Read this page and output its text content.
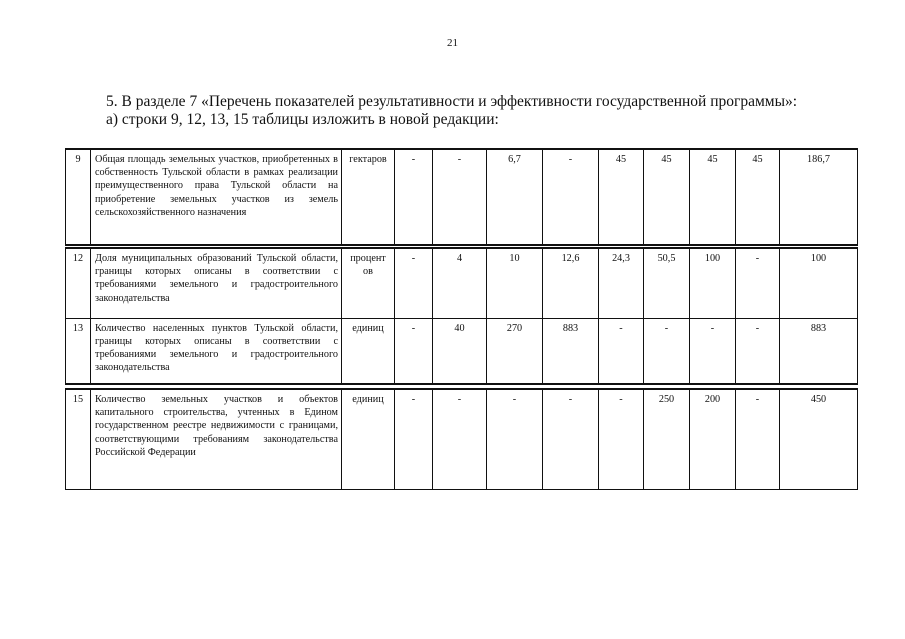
21
5. В разделе 7 «Перечень показателей результативности и эффективности государственной программы»:
а) строки 9, 12, 13, 15 таблицы изложить в новой редакции:
9	Общая площадь земельных участков, приобретенных в собственность Тульской области в рамках реализации преимущественного права Тульской области на приобретение земельных участков из земель сельскохозяйственного назначения	гектаров	-	-	6,7	-	45	45	45	45	186,7
12	Доля муниципальных образований Тульской области, границы которых описаны в соответствии с требованиями земельного и градостроительного законодательства	процент ов	-	4	10	12,6	24,3	50,5	100	-	100
13	Количество населенных пунктов Тульской области, границы которых описаны в соответствии с требованиями земельного и градостроительного законодательства	единиц	-	40	270	883	-	-	-	-	883
15	Количество земельных участков и объектов капитального строительства, учтенных в Едином государственном реестре недвижимости с границами, соответствующими требованиям законодательства Российской Федерации	единиц	-	-	-	-	-	250	200	-	450
